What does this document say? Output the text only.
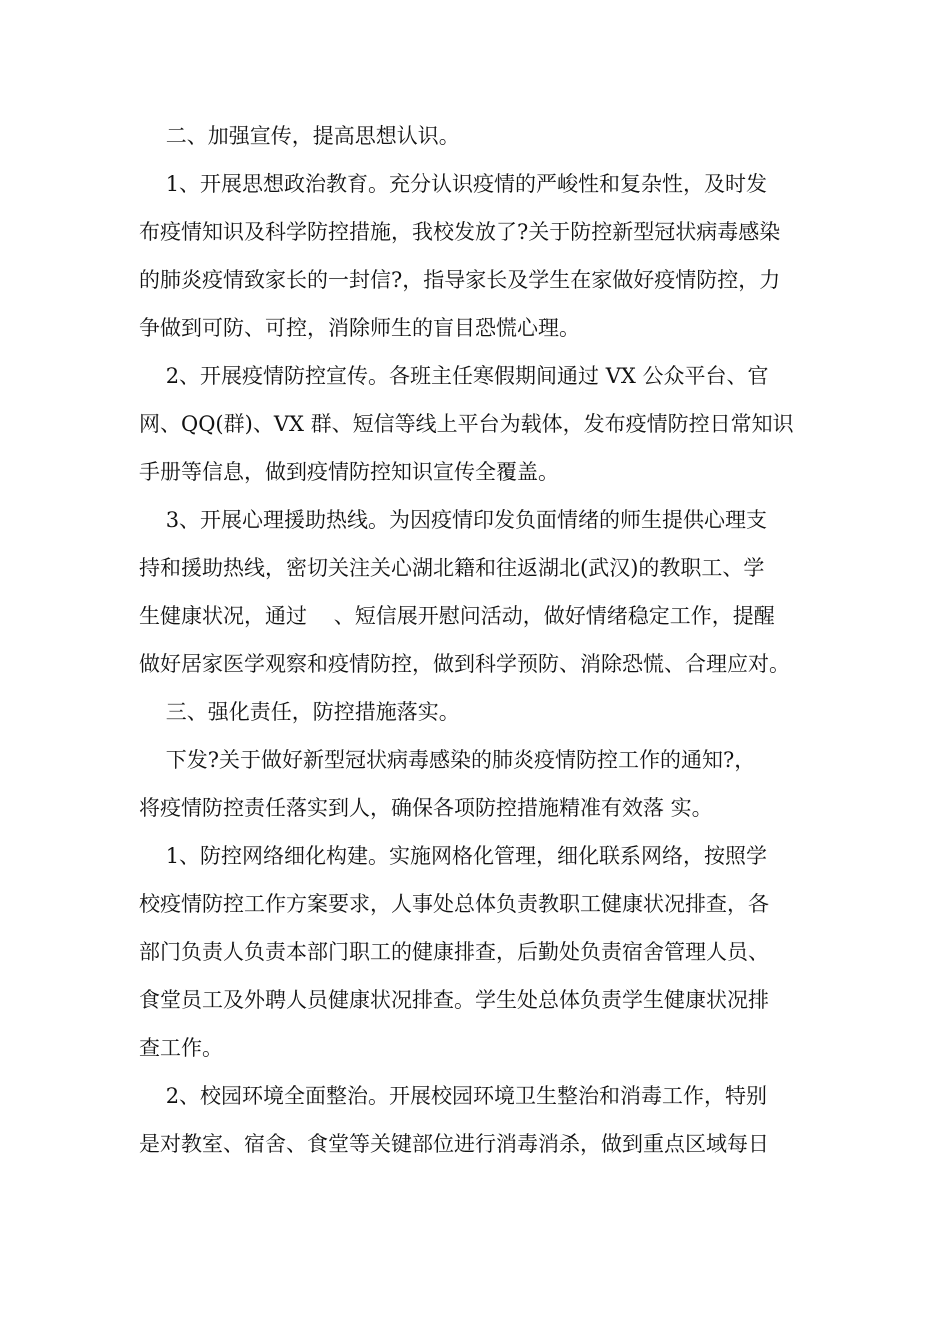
二、加强宣传，提高思想认识。

1、开展思想政治教育。充分认识疫情的严峻性和复杂性，及时发
布疫情知识及科学防控措施，我校发放了?关于防控新型冠状病毒感染
的肺炎疫情致家长的一封信?，指导家长及学生在家做好疫情防控，力
争做到可防、可控，消除师生的盲目恐慌心理。

2、开展疫情防控宣传。各班主任寒假期间通过 VX 公众平台、官
网、QQ(群)、VX 群、短信等线上平台为载体，发布疫情防控日常知识
手册等信息，做到疫情防控知识宣传全覆盖。

3、开展心理援助热线。为因疫情印发负面情绪的师生提供心理支
持和援助热线，密切关注关心湖北籍和往返湖北(武汉)的教职工、学
生健康状况，通过    、短信展开慰问活动，做好情绪稳定工作，提醒
做好居家医学观察和疫情防控，做到科学预防、消除恐慌、合理应对。

三、强化责任，防控措施落实。

下发?关于做好新型冠状病毒感染的肺炎疫情防控工作的通知?，
将疫情防控责任落实到人，确保各项防控措施精准有效落 实。

1、防控网络细化构建。实施网格化管理，细化联系网络，按照学
校疫情防控工作方案要求，人事处总体负责教职工健康状况排查，各
部门负责人负责本部门职工的健康排查，后勤处负责宿舍管理人员、
食堂员工及外聘人员健康状况排查。学生处总体负责学生健康状况排
查工作。

2、校园环境全面整治。开展校园环境卫生整治和消毒工作，特别
是对教室、宿舍、食堂等关键部位进行消毒消杀，做到重点区域每日
